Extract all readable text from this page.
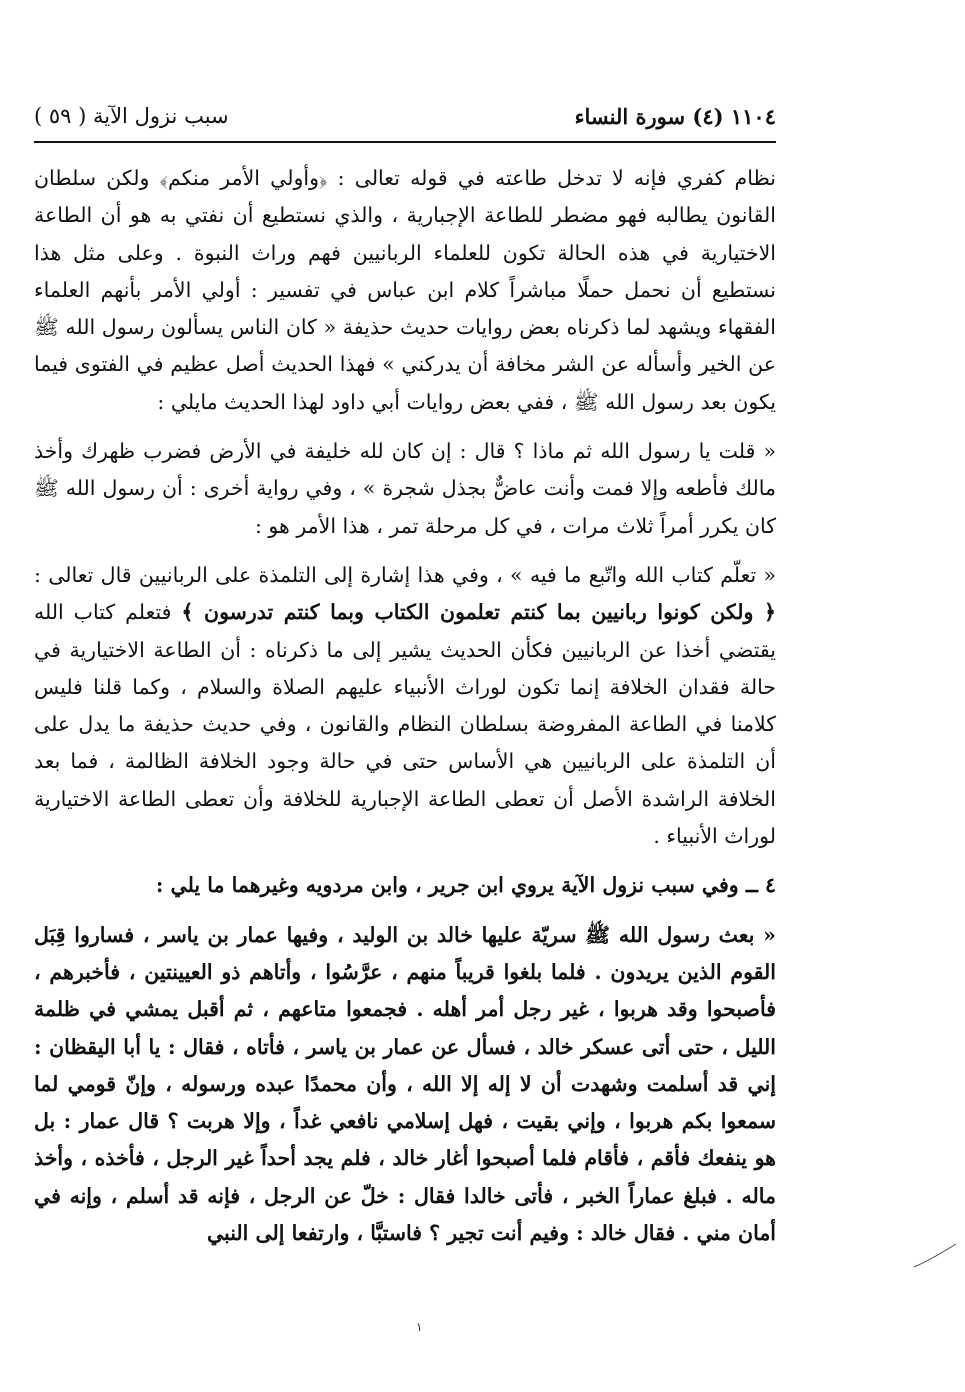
١١٠٤ (٤) سورة النساء
سبب نزول الآية ( ٥٩ )

نظام كفري فإنه لا تدخل طاعته في قوله تعالى : ﴿وأولي الأمر منكم﴾ ولكن سلطان القانون يطالبه فهو مضطر للطاعة الإجبارية ، والذي نستطيع أن نفتي به هو أن الطاعة الاختيارية في هذه الحالة تكون للعلماء الربانيين فهم وراث النبوة . وعلى مثل هذا نستطيع أن نحمل حملًا مباشراً كلام ابن عباس في تفسير : أولي الأمر بأنهم العلماء الفقهاء ويشهد لما ذكرناه بعض روايات حديث حذيفة « كان الناس يسألون رسول الله ﷺ عن الخير وأسأله عن الشر مخافة أن يدركني » فهذا الحديث أصل عظيم في الفتوى فيما يكون بعد رسول الله ﷺ ، ففي بعض روايات أبي داود لهذا الحديث مايلي :

« قلت يا رسول الله ثم ماذا ؟ قال : إن كان لله خليفة في الأرض فضرب ظهرك وأخذ مالك فأطعه وإلا فمت وأنت عاضٌّ بجذل شجرة » ، وفي رواية أخرى : أن رسول الله ﷺ كان يكرر أمراً ثلاث مرات ، في كل مرحلة تمر ، هذا الأمر هو :

« تعلّم كتاب الله واتّبع ما فيه » ، وفي هذا إشارة إلى التلمذة على الربانيين قال تعالى : ﴿ ولكن كونوا ربانيين بما كنتم تعلمون الكتاب وبما كنتم تدرسون ﴾ فتعلم كتاب الله يقتضي أخذا عن الربانيين فكأن الحديث يشير إلى ما ذكرناه : أن الطاعة الاختيارية في حالة فقدان الخلافة إنما تكون لوراث الأنبياء عليهم الصلاة والسلام ، وكما قلنا فليس كلامنا في الطاعة المفروضة بسلطان النظام والقانون ، وفي حديث حذيفة ما يدل على أن التلمذة على الربانيين هي الأساس حتى في حالة وجود الخلافة الظالمة ، فما بعد الخلافة الراشدة الأصل أن تعطى الطاعة الإجبارية للخلافة وأن تعطى الطاعة الاختيارية لوراث الأنبياء .

٤ ــ وفي سبب نزول الآية يروي ابن جرير ، وابن مردويه وغيرهما ما يلي :

« بعث رسول الله ﷺ سريّة عليها خالد بن الوليد ، وفيها عمار بن ياسر ، فساروا قِبَل القوم الذين يريدون . فلما بلغوا قريباً منهم ، عرَّسُوا ، وأتاهم ذو العيينتين ، فأخبرهم ، فأصبحوا وقد هربوا ، غير رجل أمر أهله . فجمعوا متاعهم ، ثم أقبل يمشي في ظلمة الليل ، حتى أتى عسكر خالد ، فسأل عن عمار بن ياسر ، فأتاه ، فقال : يا أبا اليقظان : إني قد أسلمت وشهدت أن لا إله إلا الله ، وأن محمدًا عبده ورسوله ، وإنّ قومي لما سمعوا بكم هربوا ، وإني بقيت ، فهل إسلامي نافعي غداً ، وإلا هربت ؟ قال عمار : بل هو ينفعك فأقم ، فأقام فلما أصبحوا أغار خالد ، فلم يجد أحداً غير الرجل ، فأخذه ، وأخذ ماله . فبلغ عماراً الخبر ، فأتى خالدا فقال : خلّ عن الرجل ، فإنه قد أسلم ، وإنه في أمان مني . فقال خالد : وفيم أنت تجير ؟ فاستبَّا ، وارتفعا إلى النبي

١
